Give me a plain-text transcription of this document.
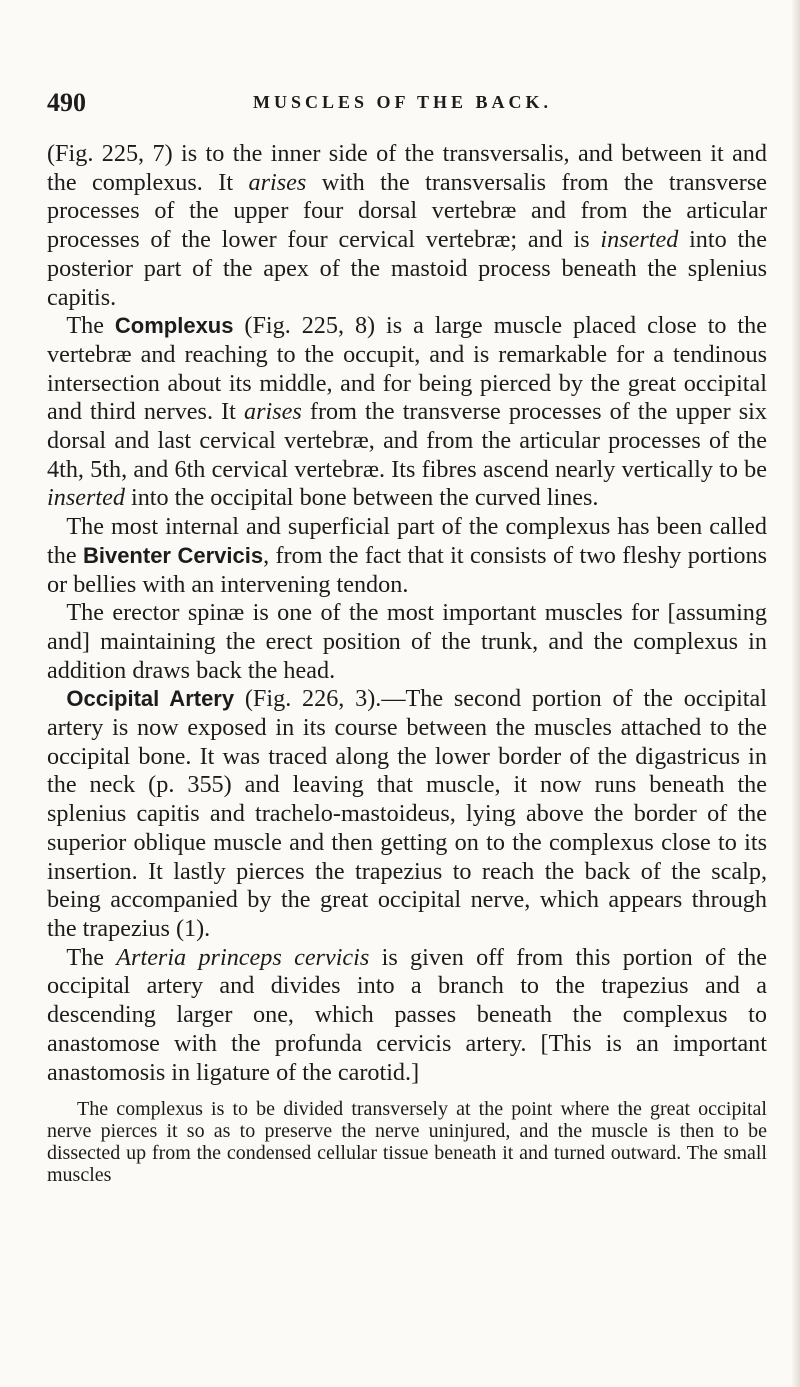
490	MUSCLES OF THE BACK.

(Fig. 225, 7) is to the inner side of the transversalis, and between it and the complexus. It arises with the transversalis from the transverse processes of the upper four dorsal vertebræ and from the articular processes of the lower four cervical vertebræ; and is inserted into the posterior part of the apex of the mastoid process beneath the splenius capitis.

The Complexus (Fig. 225, 8) is a large muscle placed close to the vertebræ and reaching to the occupit, and is remarkable for a tendinous intersection about its middle, and for being pierced by the great occipital and third nerves. It arises from the transverse processes of the upper six dorsal and last cervical vertebræ, and from the articular processes of the 4th, 5th, and 6th cervical vertebræ. Its fibres ascend nearly vertically to be inserted into the occipital bone between the curved lines.

The most internal and superficial part of the complexus has been called the Biventer Cervicis, from the fact that it consists of two fleshy portions or bellies with an intervening tendon.

The erector spinæ is one of the most important muscles for [assuming and] maintaining the erect position of the trunk, and the complexus in addition draws back the head.

Occipital Artery (Fig. 226, 3).—The second portion of the occipital artery is now exposed in its course between the muscles attached to the occipital bone. It was traced along the lower border of the digastricus in the neck (p. 355) and leaving that muscle, it now runs beneath the splenius capitis and trachelo-mastoideus, lying above the border of the superior oblique muscle and then getting on to the complexus close to its insertion. It lastly pierces the trapezius to reach the back of the scalp, being accompanied by the great occipital nerve, which appears through the trapezius (1).

The Arteria princeps cervicis is given off from this portion of the occipital artery and divides into a branch to the trapezius and a descending larger one, which passes beneath the complexus to anastomose with the profunda cervicis artery. [This is an important anastomosis in ligature of the carotid.]

The complexus is to be divided transversely at the point where the great occipital nerve pierces it so as to preserve the nerve uninjured, and the muscle is then to be dissected up from the condensed cellular tissue beneath it and turned outward. The small muscles
